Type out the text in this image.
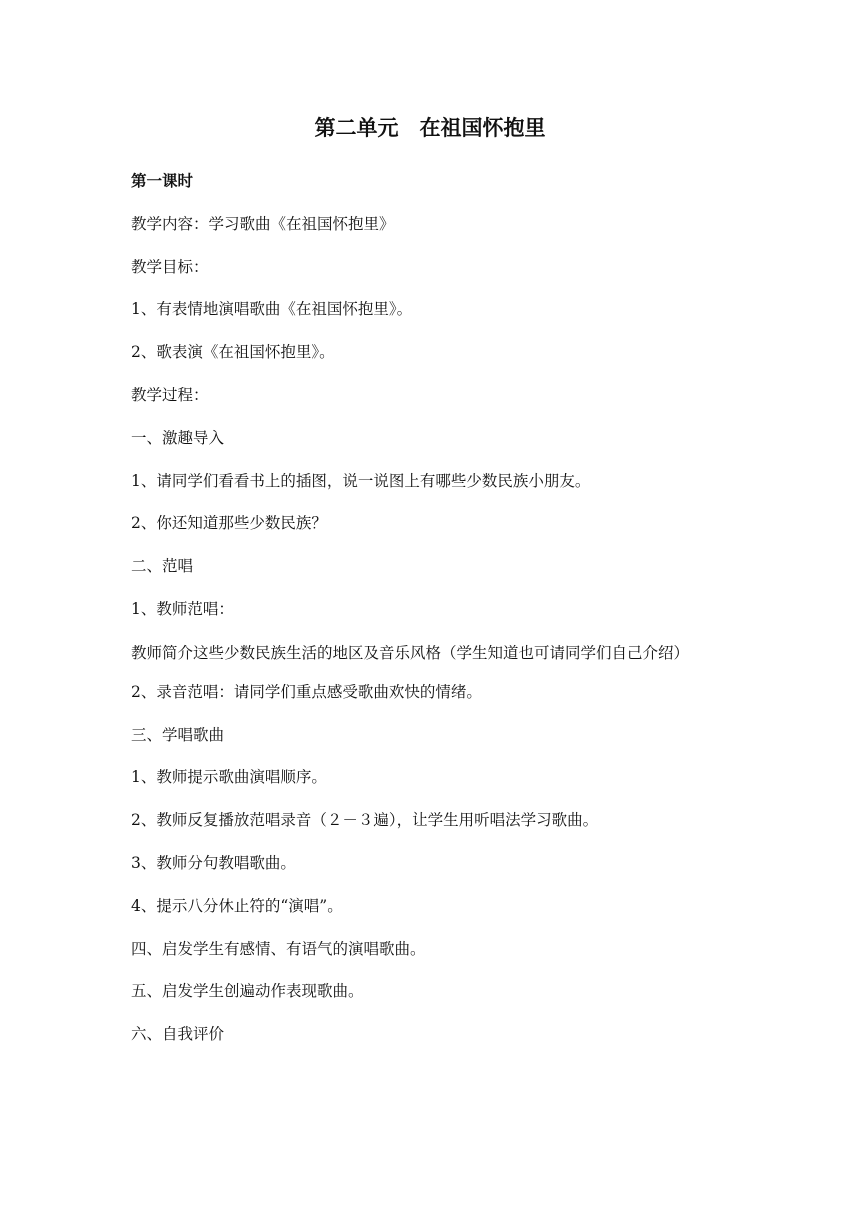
第二单元　在祖国怀抱里

第一课时

教学内容：学习歌曲《在祖国怀抱里》

教学目标：

1、有表情地演唱歌曲《在祖国怀抱里》。

2、歌表演《在祖国怀抱里》。

教学过程：

一、激趣导入

1、请同学们看看书上的插图，说一说图上有哪些少数民族小朋友。

2、你还知道那些少数民族？

二、范唱

1、教师范唱：

教师简介这些少数民族生活的地区及音乐风格（学生知道也可请同学们自己介绍）

2、录音范唱：请同学们重点感受歌曲欢快的情绪。

三、学唱歌曲

1、教师提示歌曲演唱顺序。

2、教师反复播放范唱录音（２－３遍），让学生用听唱法学习歌曲。

3、教师分句教唱歌曲。

4、提示八分休止符的“演唱”。

四、启发学生有感情、有语气的演唱歌曲。

五、启发学生创遍动作表现歌曲。

六、自我评价
